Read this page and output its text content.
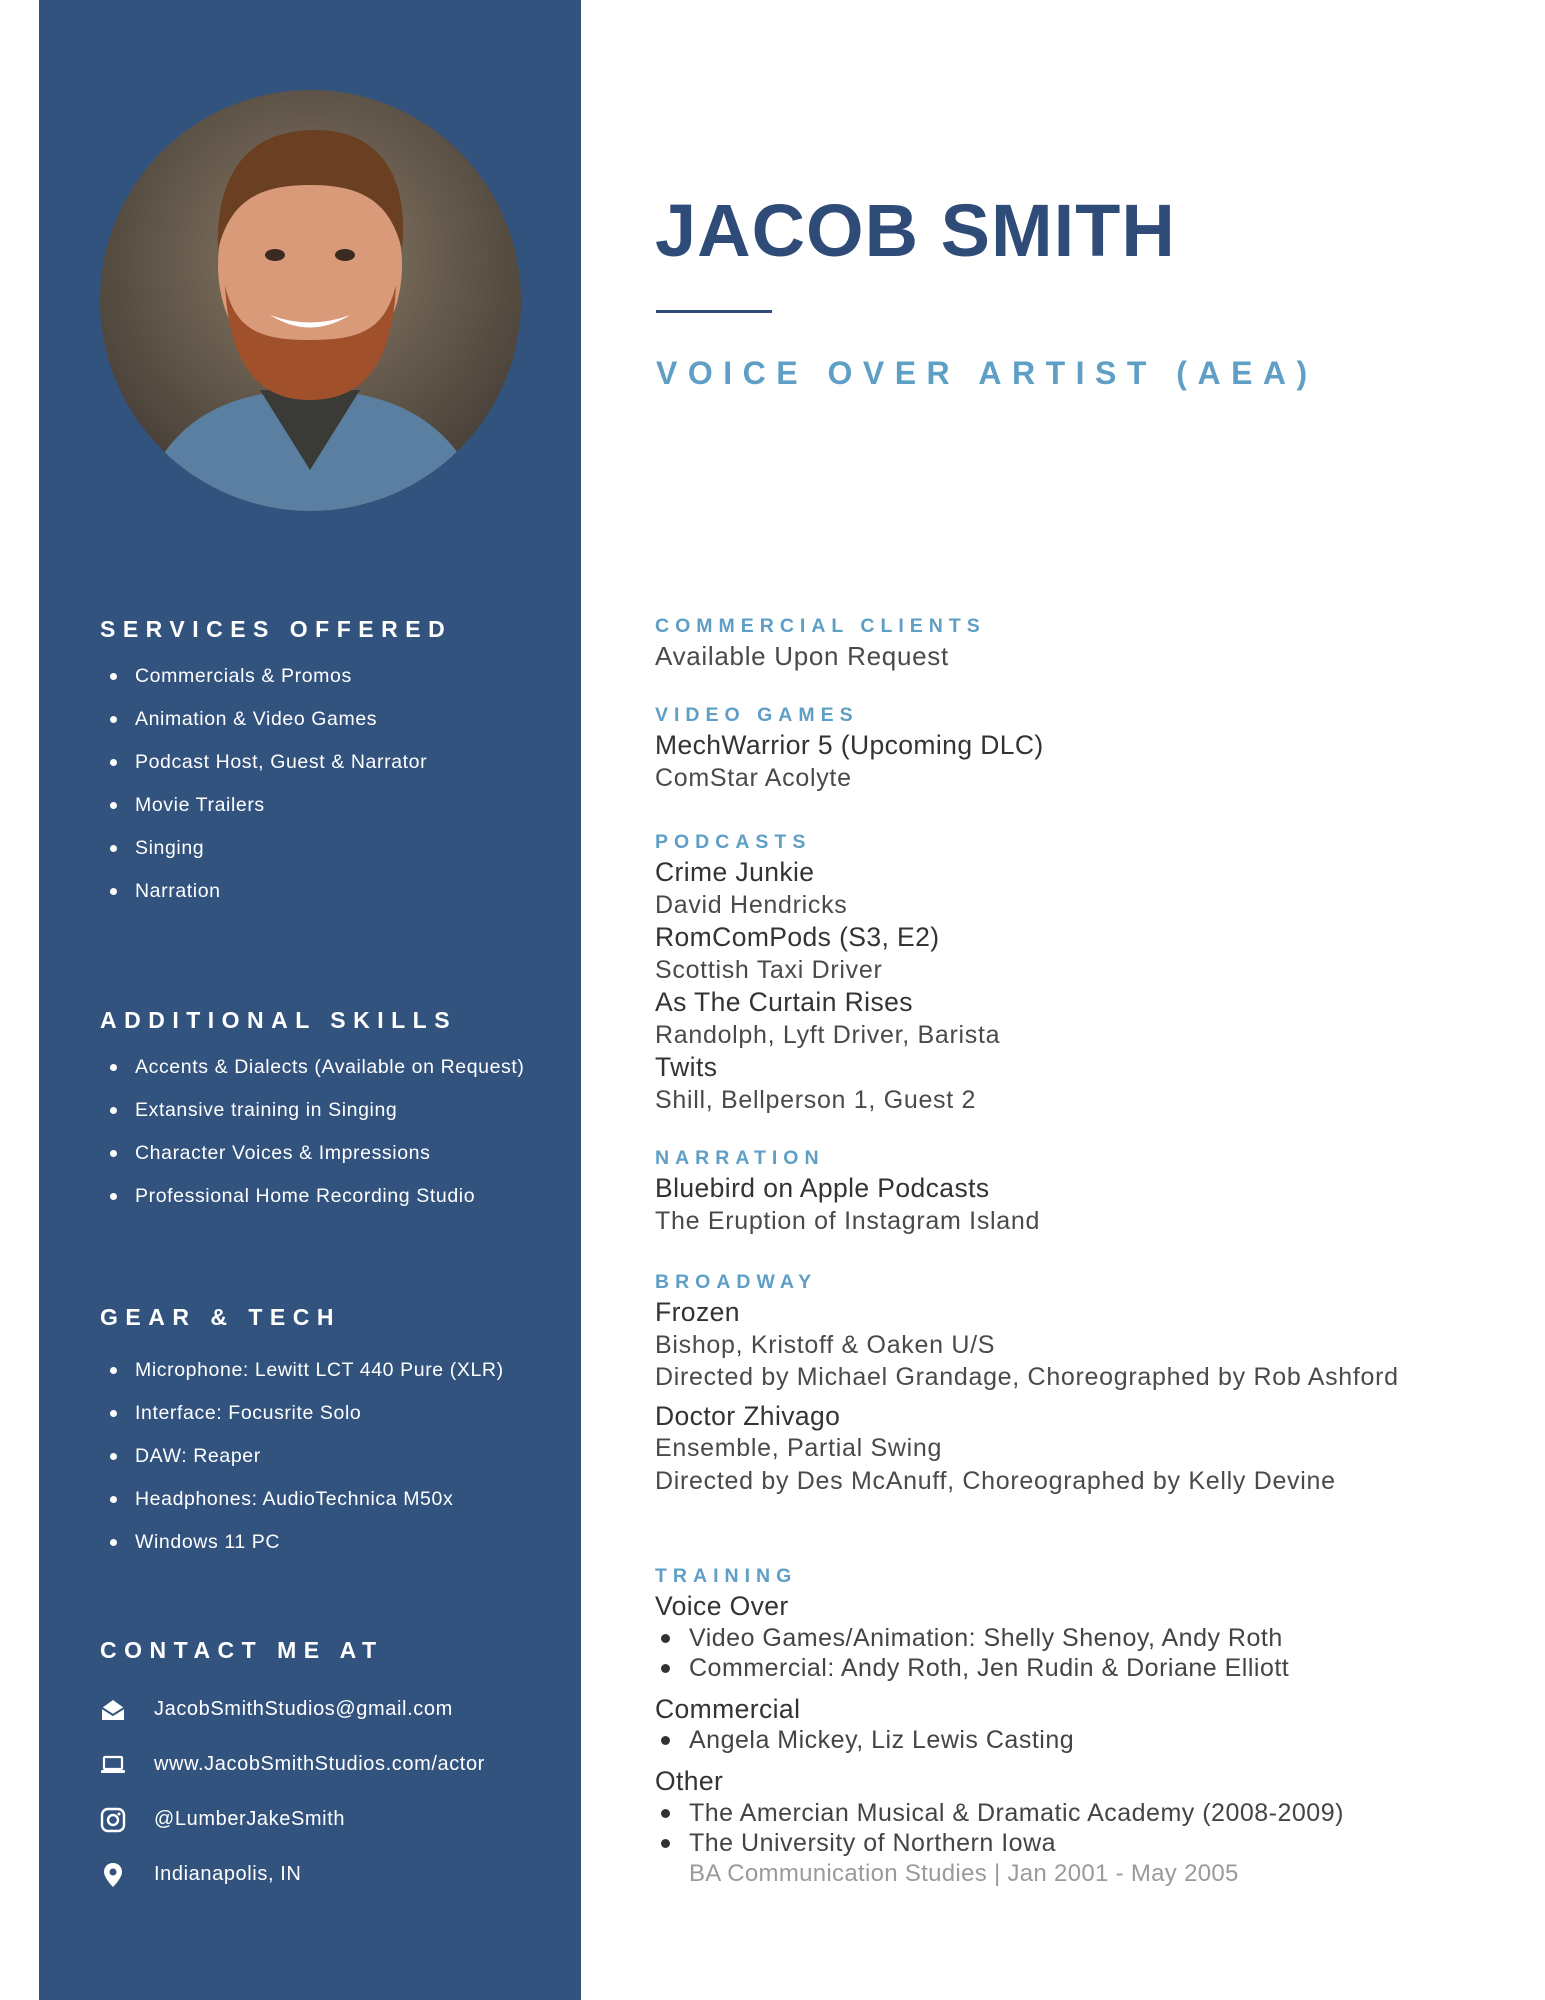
SERVICES OFFERED
Commercials & Promos
Animation & Video Games
Podcast Host, Guest & Narrator
Movie Trailers
Singing
Narration
ADDITIONAL SKILLS
Accents & Dialects (Available on Request)
Extansive training in Singing
Character Voices & Impressions
Professional Home Recording Studio
GEAR & TECH
Microphone: Lewitt LCT 440 Pure (XLR)
Interface: Focusrite Solo
DAW: Reaper
Headphones: AudioTechnica M50x
Windows 11 PC
CONTACT ME AT
JacobSmithStudios@gmail.com
www.JacobSmithStudios.com/actor
@LumberJakeSmith
Indianapolis, IN
JACOB SMITH
VOICE OVER ARTIST (AEA)
COMMERCIAL CLIENTS

Available Upon Request

VIDEO GAMES

MechWarrior 5 (Upcoming DLC)

ComStar Acolyte

PODCASTS

Crime Junkie

David Hendricks

RomComPods (S3, E2)

Scottish Taxi Driver

As The Curtain Rises

Randolph, Lyft Driver, Barista

Twits

Shill, Bellperson 1, Guest 2

NARRATION

Bluebird on Apple Podcasts

The Eruption of Instagram Island

BROADWAY

Frozen

Bishop, Kristoff & Oaken U/S

Directed by Michael Grandage, Choreographed by Rob Ashford

Doctor Zhivago

Ensemble, Partial Swing

Directed by Des McAnuff, Choreographed by Kelly Devine

TRAINING

Voice Over

Video Games/Animation: Shelly Shenoy, Andy Roth
Commercial: Andy Roth, Jen Rudin & Doriane Elliott

Commercial

Angela Mickey, Liz Lewis Casting

Other

The Amercian Musical & Dramatic Academy (2008-2009)
The University of Northern Iowa

BA Communication Studies | Jan 2001 - May 2005
